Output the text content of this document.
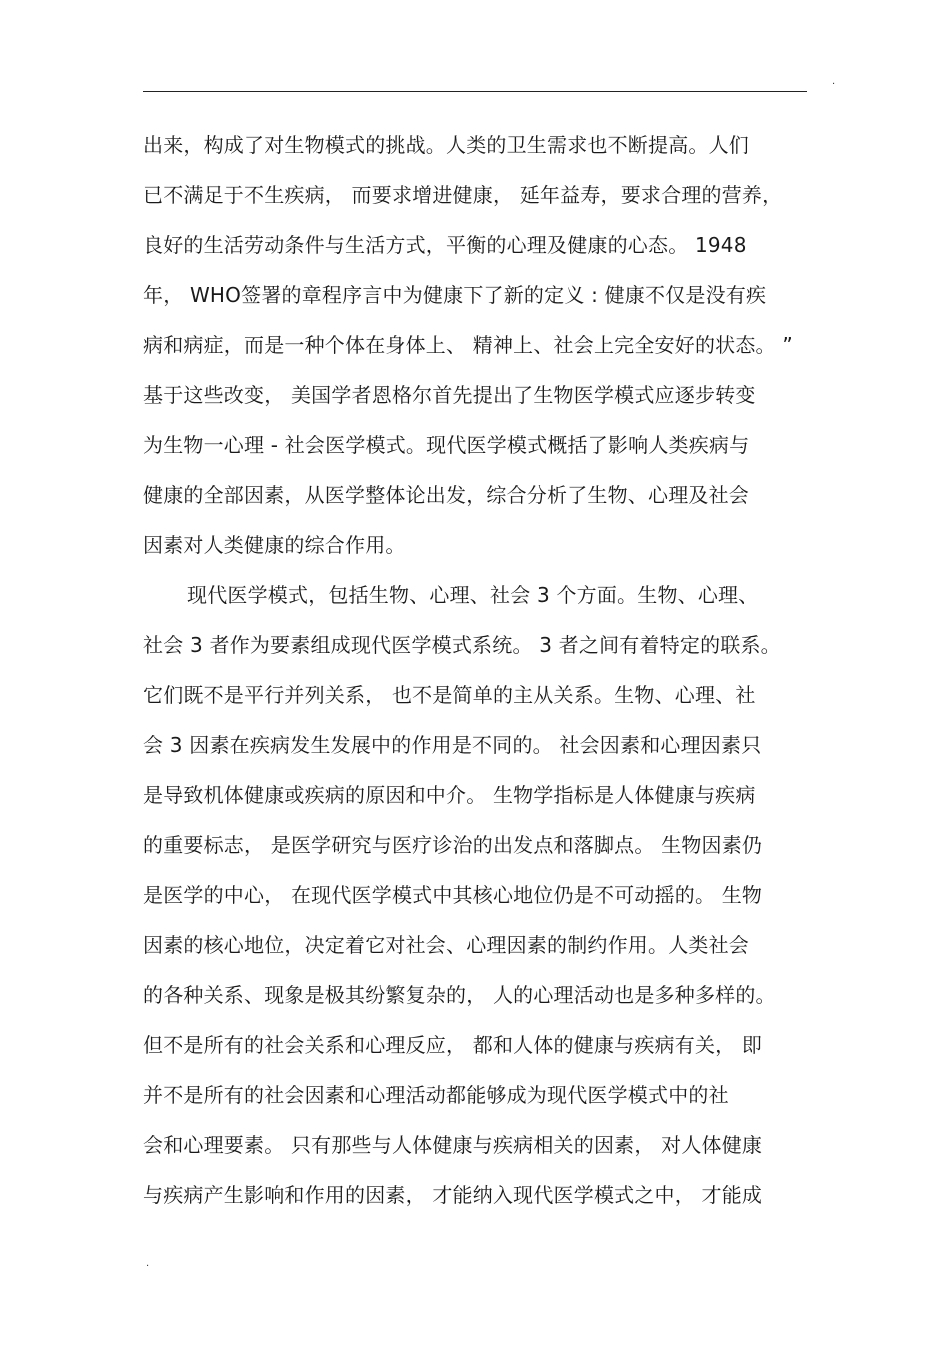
.
出来，构成了对生物模式的挑战。人类的卫生需求也不断提高。人们
已不满足于不生疾病， 而要求增进健康， 延年益寿，要求合理的营养，
良好的生活劳动条件与生活方式，平衡的心理及健康的心态。 1948
年， WHO签署的章程序言中为健康下了新的定义 : 健康不仅是没有疾
病和病症，而是一种个体在身体上、 精神上、社会上完全安好的状态。 ”
基于这些改变， 美国学者恩格尔首先提出了生物医学模式应逐步转变
为生物一心理 - 社会医学模式。现代医学模式概括了影响人类疾病与
健康的全部因素，从医学整体论出发，综合分析了生物、心理及社会
因素对人类健康的综合作用。
现代医学模式，包括生物、心理、社会 3 个方面。生物、心理、
社会 3 者作为要素组成现代医学模式系统。 3 者之间有着特定的联系。
它们既不是平行并列关系， 也不是简单的主从关系。生物、心理、社
会 3 因素在疾病发生发展中的作用是不同的。 社会因素和心理因素只
是导致机体健康或疾病的原因和中介。 生物学指标是人体健康与疾病
的重要标志， 是医学研究与医疗诊治的出发点和落脚点。 生物因素仍
是医学的中心， 在现代医学模式中其核心地位仍是不可动摇的。 生物
因素的核心地位，决定着它对社会、心理因素的制约作用。人类社会
的各种关系、现象是极其纷繁复杂的， 人的心理活动也是多种多样的。
但不是所有的社会关系和心理反应， 都和人体的健康与疾病有关， 即
并不是所有的社会因素和心理活动都能够成为现代医学模式中的社
会和心理要素。 只有那些与人体健康与疾病相关的因素， 对人体健康
与疾病产生影响和作用的因素， 才能纳入现代医学模式之中， 才能成
.
